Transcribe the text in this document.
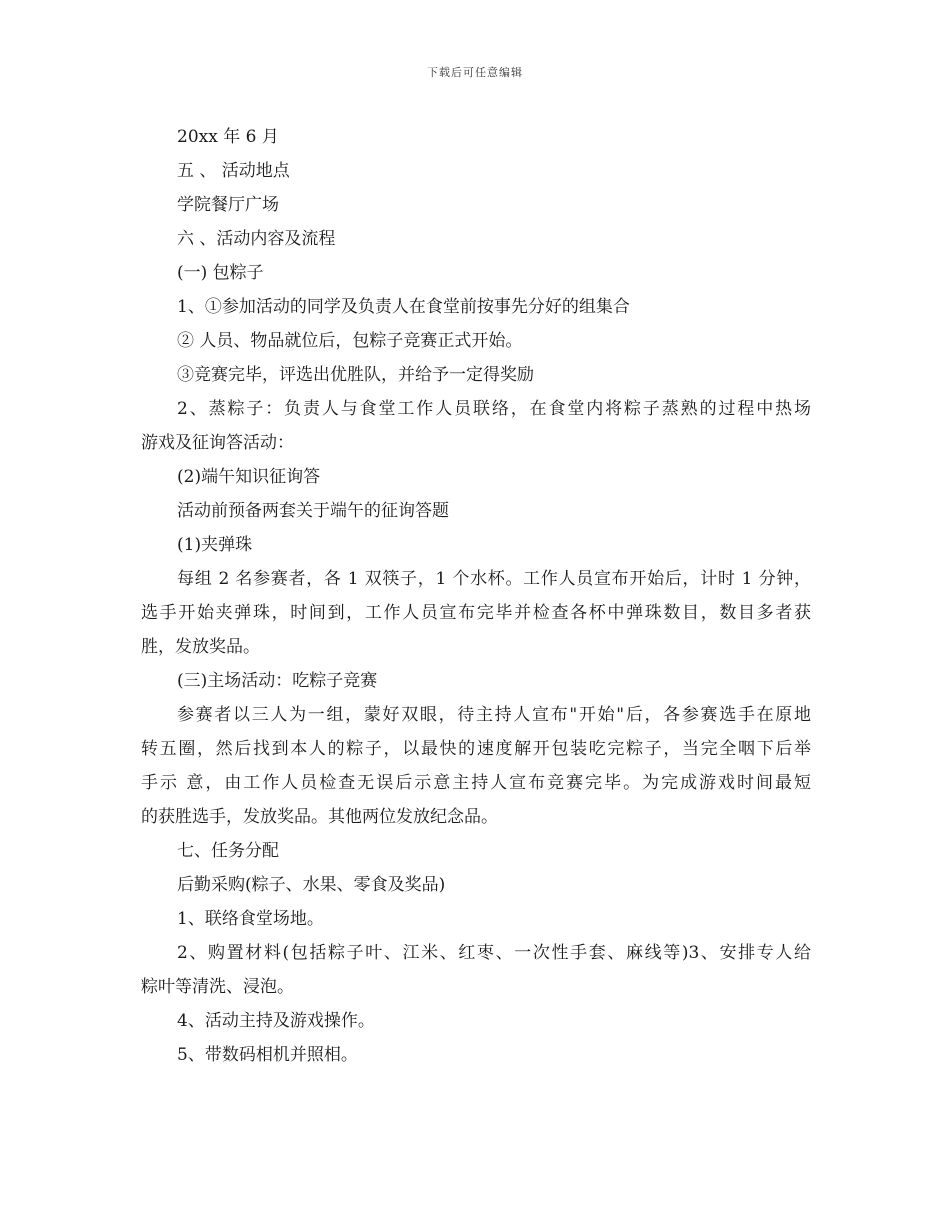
下载后可任意编辑

20xx 年 6 月

五 、 活动地点

学院餐厅广场

六 、活动内容及流程

(一) 包粽子

1、①参加活动的同学及负责人在食堂前按事先分好的组集合

② 人员、物品就位后，包粽子竞赛正式开始。

③竞赛完毕，评选出优胜队，并给予一定得奖励

2、蒸粽子：负责人与食堂工作人员联络，在食堂内将粽子蒸熟的过程中热场

游戏及征询答活动：

(2)端午知识征询答

活动前预备两套关于端午的征询答题

(1)夹弹珠

每组 2 名参赛者，各 1 双筷子，1 个水杯。工作人员宣布开始后，计时 1 分钟，

选手开始夹弹珠，时间到，工作人员宣布完毕并检查各杯中弹珠数目，数目多者获

胜，发放奖品。

(三)主场活动：吃粽子竞赛

参赛者以三人为一组，蒙好双眼，待主持人宣布"开始"后，各参赛选手在原地

转五圈，然后找到本人的粽子，以最快的速度解开包装吃完粽子，当完全咽下后举

手示 意，由工作人员检查无误后示意主持人宣布竞赛完毕。为完成游戏时间最短

的获胜选手，发放奖品。其他两位发放纪念品。

七、任务分配

后勤采购(粽子、水果、零食及奖品)

1、联络食堂场地。

2、购置材料(包括粽子叶、江米、红枣、一次性手套、麻线等)3、安排专人给

粽叶等清洗、浸泡。

4、活动主持及游戏操作。

5、带数码相机并照相。
